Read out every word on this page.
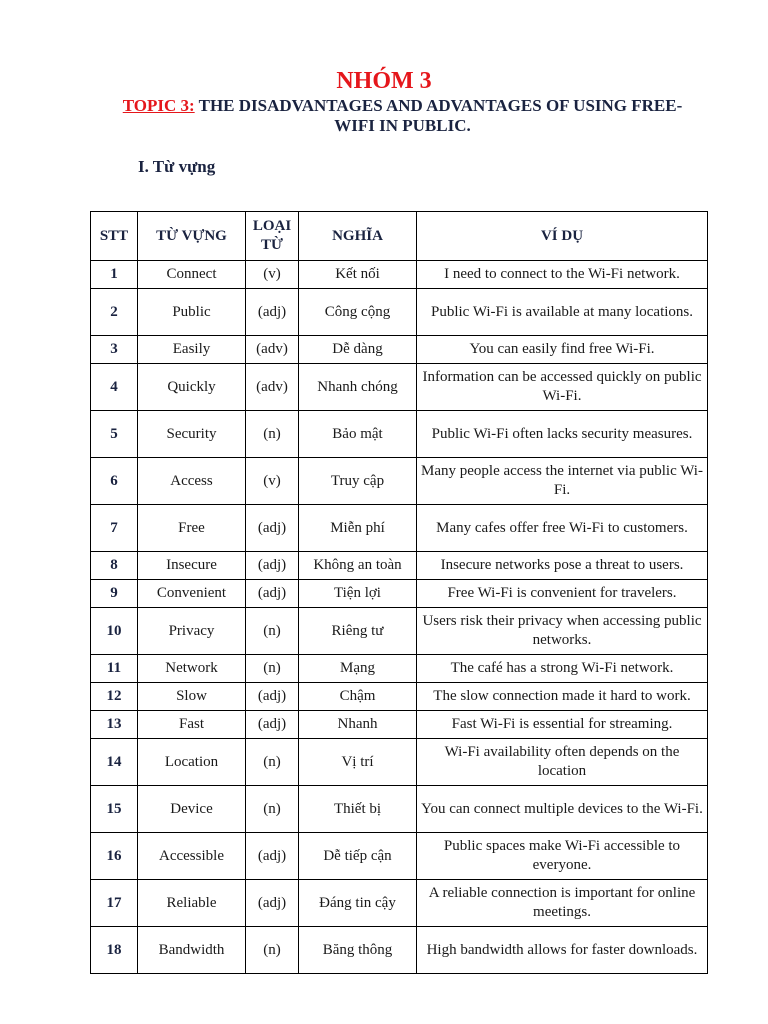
NHÓM 3
TOPIC 3: THE DISADVANTAGES AND ADVANTAGES OF USING FREE-WIFI IN PUBLIC.
I. Từ vựng
STT	TỪ VỰNG	LOẠI TỪ	NGHĨA	VÍ DỤ
1	Connect	(v)	Kết nối	I need to connect to the Wi-Fi network.
2	Public	(adj)	Công cộng	Public Wi-Fi is available at many locations.
3	Easily	(adv)	Dễ dàng	You can easily find free Wi-Fi.
4	Quickly	(adv)	Nhanh chóng	Information can be accessed quickly on public Wi-Fi.
5	Security	(n)	Bảo mật	Public Wi-Fi often lacks security measures.
6	Access	(v)	Truy cập	Many people access the internet via public Wi-Fi.
7	Free	(adj)	Miễn phí	Many cafes offer free Wi-Fi to customers.
8	Insecure	(adj)	Không an toàn	Insecure networks pose a threat to users.
9	Convenient	(adj)	Tiện lợi	Free Wi-Fi is convenient for travelers.
10	Privacy	(n)	Riêng tư	Users risk their privacy when accessing public networks.
11	Network	(n)	Mạng	The café has a strong Wi-Fi network.
12	Slow	(adj)	Chậm	The slow connection made it hard to work.
13	Fast	(adj)	Nhanh	Fast Wi-Fi is essential for streaming.
14	Location	(n)	Vị trí	Wi-Fi availability often depends on the location
15	Device	(n)	Thiết bị	You can connect multiple devices to the Wi-Fi.
16	Accessible	(adj)	Dễ tiếp cận	Public spaces make Wi-Fi accessible to everyone.
17	Reliable	(adj)	Đáng tin cậy	A reliable connection is important for online meetings.
18	Bandwidth	(n)	Băng thông	High bandwidth allows for faster downloads.
